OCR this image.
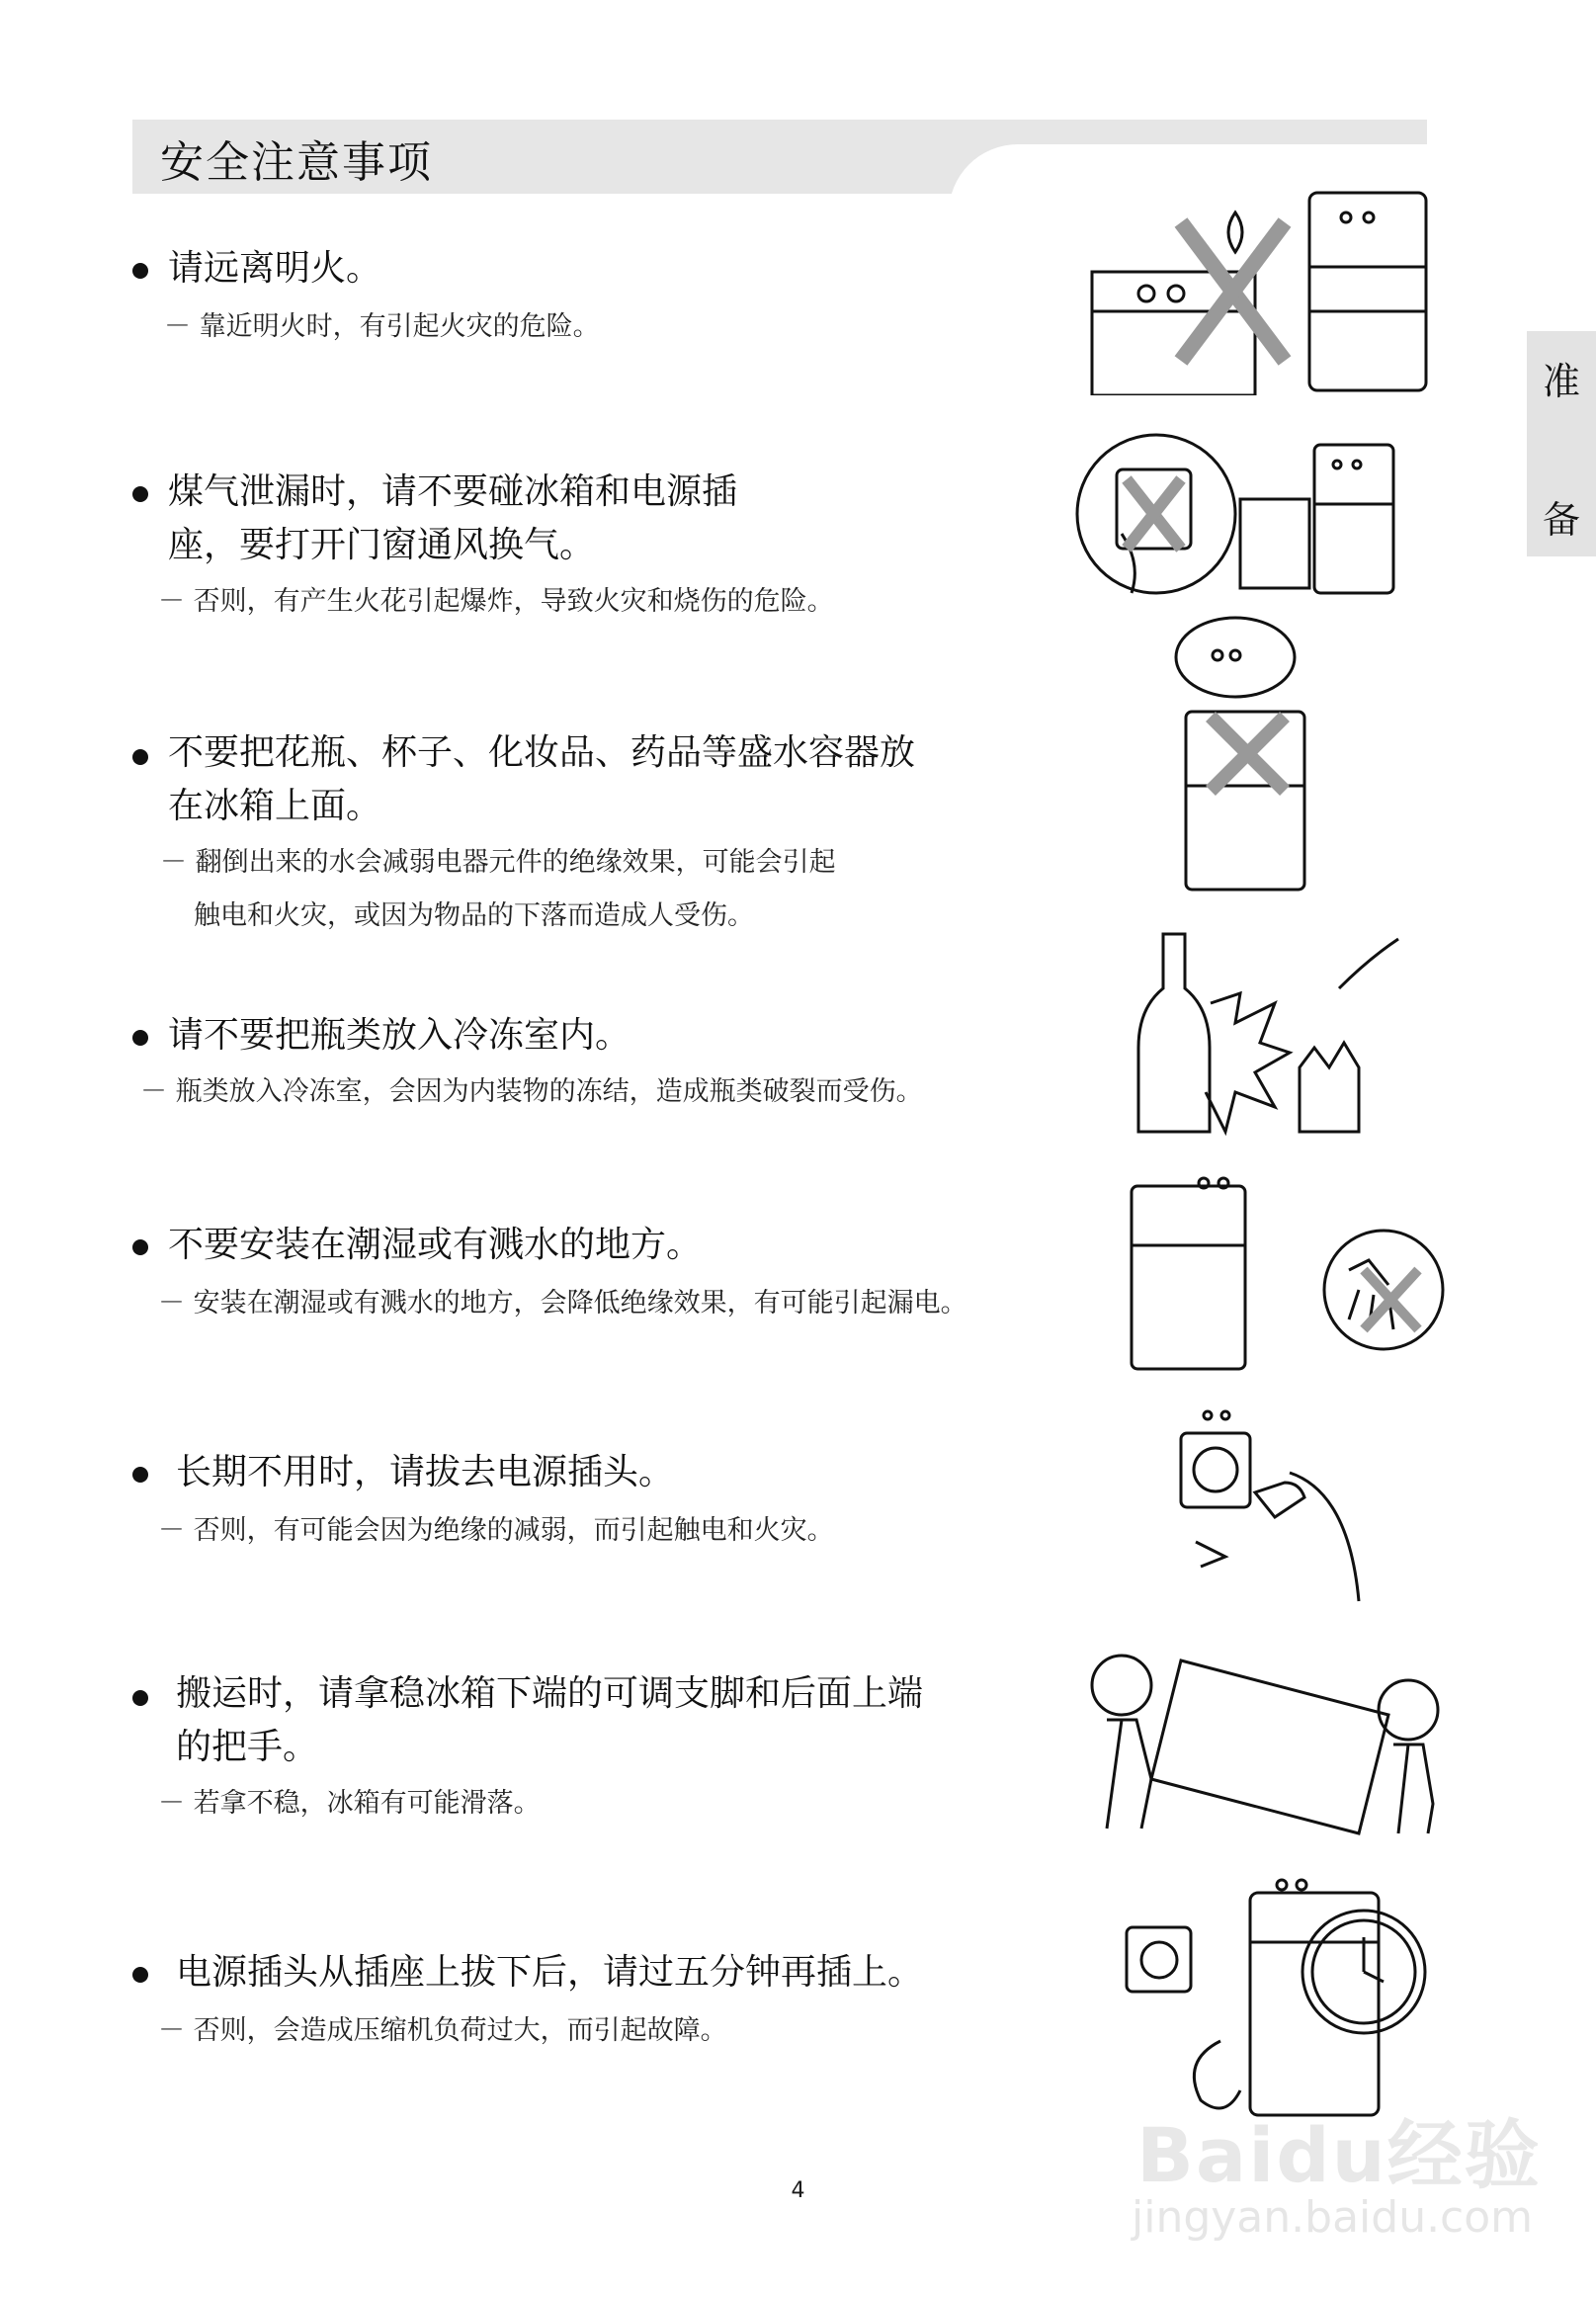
安全注意事项
准
备
请远离明火。
－ 靠近明火时，有引起火灾的危险。
煤气泄漏时，请不要碰冰箱和电源插
座，要打开门窗通风换气。
－ 否则，有产生火花引起爆炸，导致火灾和烧伤的危险。
不要把花瓶、杯子、化妆品、药品等盛水容器放
在冰箱上面。
－ 翻倒出来的水会减弱电器元件的绝缘效果，可能会引起
触电和火灾，或因为物品的下落而造成人受伤。
请不要把瓶类放入冷冻室内。
－ 瓶类放入冷冻室，会因为内装物的冻结，造成瓶类破裂而受伤。
不要安装在潮湿或有溅水的地方。
－ 安装在潮湿或有溅水的地方，会降低绝缘效果，有可能引起漏电。
长期不用时，请拔去电源插头。
－ 否则，有可能会因为绝缘的减弱，而引起触电和火灾。
搬运时，请拿稳冰箱下端的可调支脚和后面上端
的把手。
－ 若拿不稳，冰箱有可能滑落。
电源插头从插座上拔下后，请过五分钟再插上。
－ 否则，会造成压缩机负荷过大，而引起故障。
4	Baidu经验
jingyan.baidu.com
